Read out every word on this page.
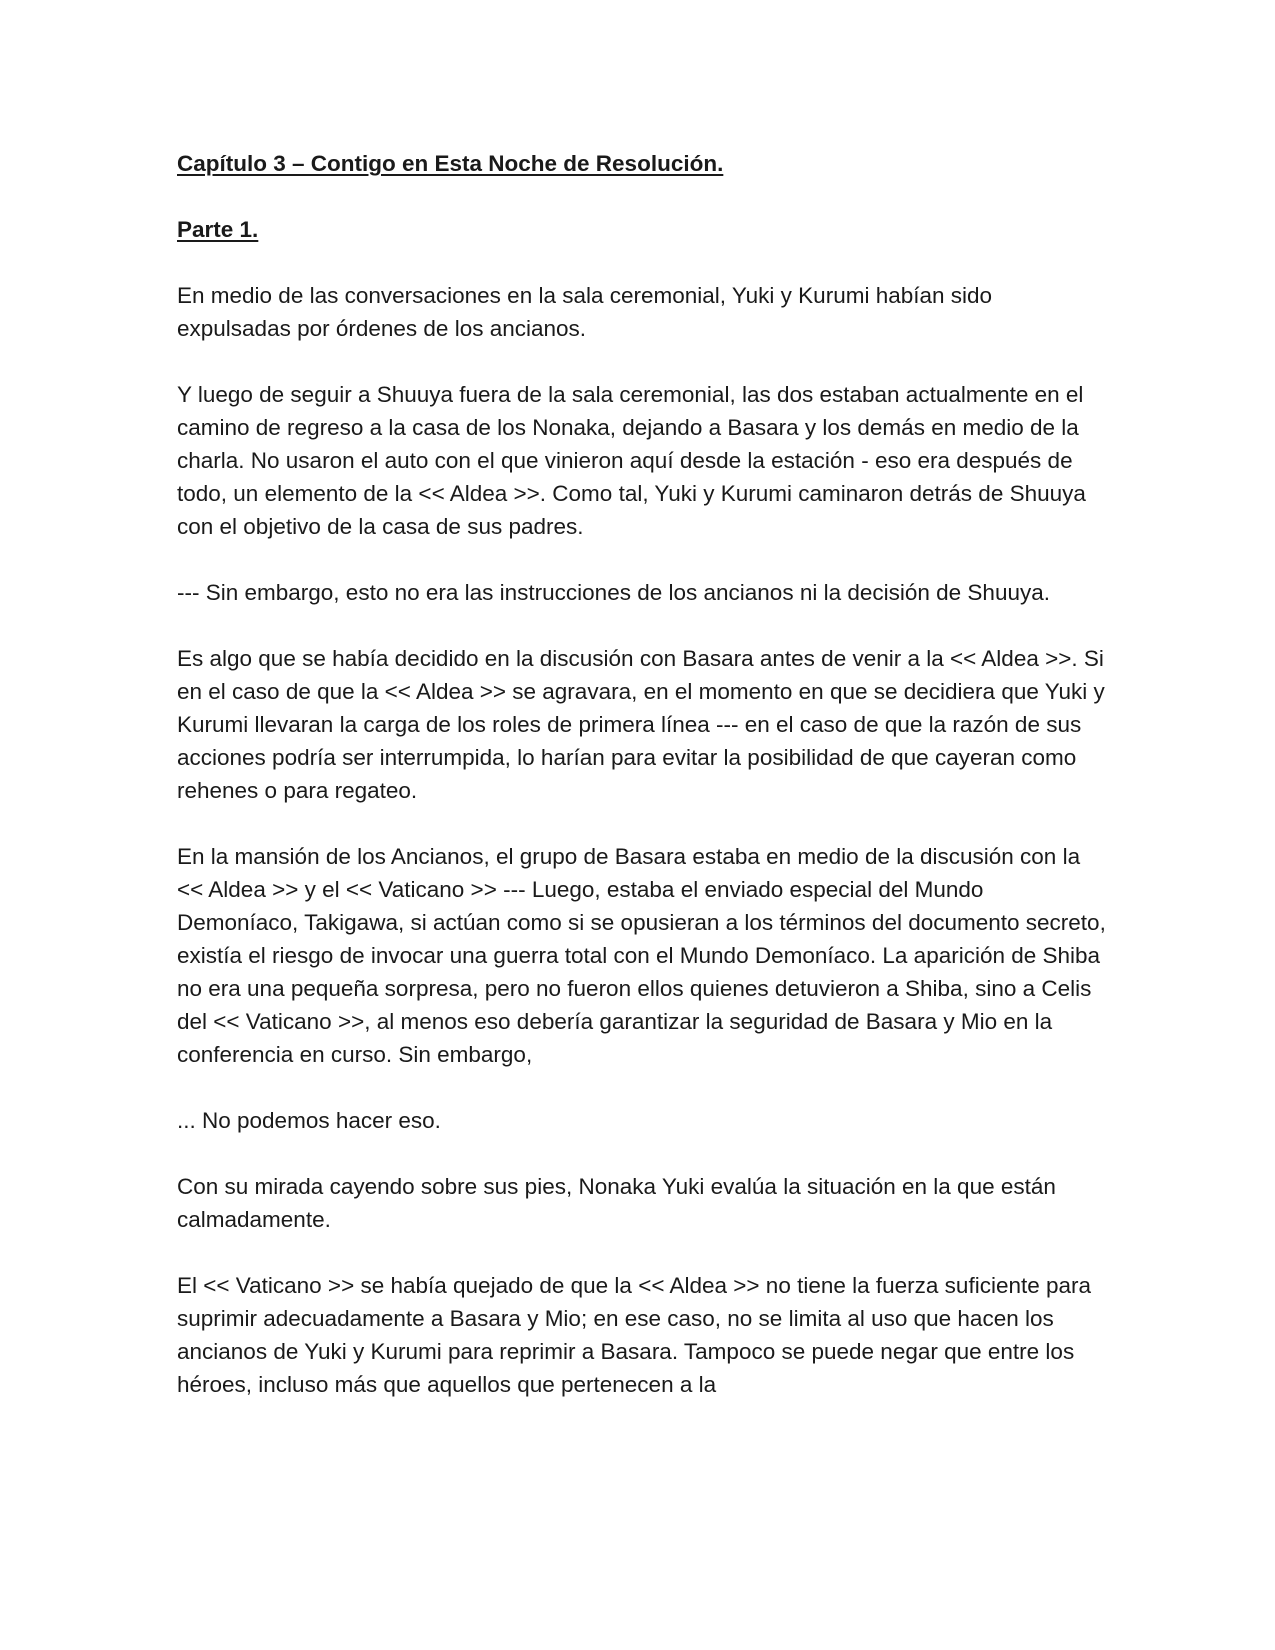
Capítulo 3 – Contigo en Esta Noche de Resolución.

Parte 1.

En medio de las conversaciones en la sala ceremonial, Yuki y Kurumi habían sido expulsadas por órdenes de los ancianos.

Y luego de seguir a Shuuya fuera de la sala ceremonial, las dos estaban actualmente en el camino de regreso a la casa de los Nonaka, dejando a Basara y los demás en medio de la charla. No usaron el auto con el que vinieron aquí desde la estación - eso era después de todo, un elemento de la << Aldea >>. Como tal, Yuki y Kurumi caminaron detrás de Shuuya con el objetivo de la casa de sus padres.

--- Sin embargo, esto no era las instrucciones de los ancianos ni la decisión de Shuuya.

Es algo que se había decidido en la discusión con Basara antes de venir a la << Aldea >>. Si en el caso de que la << Aldea >> se agravara, en el momento en que se decidiera que Yuki y Kurumi llevaran la carga de los roles de primera línea --- en el caso de que la razón de sus acciones podría ser interrumpida, lo harían para evitar la posibilidad de que cayeran como rehenes o para regateo.

En la mansión de los Ancianos, el grupo de Basara estaba en medio de la discusión con la << Aldea >> y el << Vaticano >> --- Luego, estaba el enviado especial del Mundo Demoníaco, Takigawa, si actúan como si se opusieran a los términos del documento secreto, existía el riesgo de invocar una guerra total con el Mundo Demoníaco. La aparición de Shiba no era una pequeña sorpresa, pero no fueron ellos quienes detuvieron a Shiba, sino a Celis del << Vaticano >>, al menos eso debería garantizar la seguridad de Basara y Mio en la conferencia en curso. Sin embargo,

... No podemos hacer eso.

Con su mirada cayendo sobre sus pies, Nonaka Yuki evalúa la situación en la que están calmadamente.

El << Vaticano >> se había quejado de que la << Aldea >> no tiene la fuerza suficiente para suprimir adecuadamente a Basara y Mio; en ese caso, no se limita al uso que hacen los ancianos de Yuki y Kurumi para reprimir a Basara. Tampoco se puede negar que entre los héroes, incluso más que aquellos que pertenecen a la
